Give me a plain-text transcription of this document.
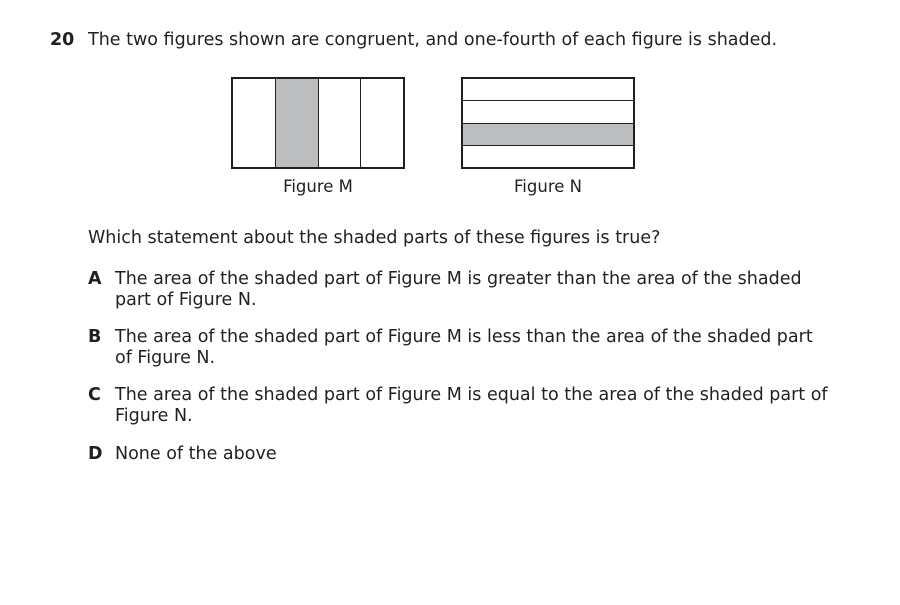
20 The two figures shown are congruent, and one-fourth of each figure is shaded.
Figure M	Figure N
Which statement about the shaded parts of these figures is true?
A The area of the shaded part of Figure M is greater than the area of the shaded part of Figure N.
B The area of the shaded part of Figure M is less than the area of the shaded part of Figure N.
C The area of the shaded part of Figure M is equal to the area of the shaded part of Figure N.
D None of the above
